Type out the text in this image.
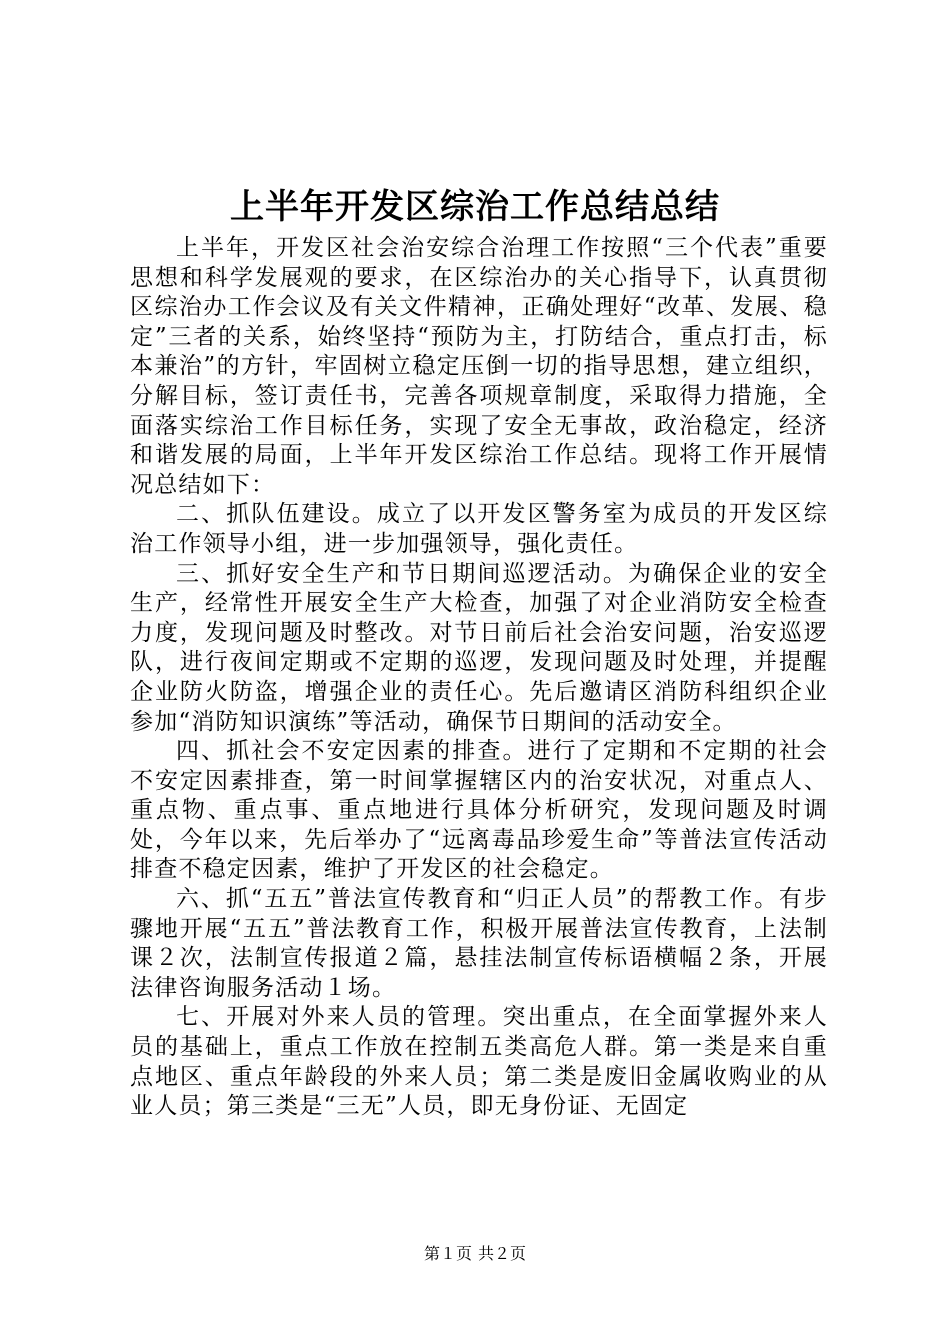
上半年开发区综治工作总结总结

上半年，开发区社会治安综合治理工作按照“三个代表”重要思想和科学发展观的要求，在区综治办的关心指导下，认真贯彻区综治办工作会议及有关文件精神，正确处理好“改革、发展、稳定”三者的关系，始终坚持“预防为主，打防结合，重点打击，标本兼治”的方针，牢固树立稳定压倒一切的指导思想，建立组织，分解目标，签订责任书，完善各项规章制度，采取得力措施，全面落实综治工作目标任务，实现了安全无事故，政治稳定，经济和谐发展的局面，上半年开发区综治工作总结。现将工作开展情况总结如下：

二、抓队伍建设。成立了以开发区警务室为成员的开发区综治工作领导小组，进一步加强领导，强化责任。

三、抓好安全生产和节日期间巡逻活动。为确保企业的安全生产，经常性开展安全生产大检查，加强了对企业消防安全检查力度，发现问题及时整改。对节日前后社会治安问题，治安巡逻队，进行夜间定期或不定期的巡逻，发现问题及时处理，并提醒企业防火防盗，增强企业的责任心。先后邀请区消防科组织企业参加“消防知识演练”等活动，确保节日期间的活动安全。

四、抓社会不安定因素的排查。进行了定期和不定期的社会不安定因素排查，第一时间掌握辖区内的治安状况，对重点人、重点物、重点事、重点地进行具体分析研究，发现问题及时调处，今年以来，先后举办了“远离毒品珍爱生命”等普法宣传活动排查不稳定因素，维护了开发区的社会稳定。

六、抓“五五”普法宣传教育和“归正人员”的帮教工作。有步骤地开展“五五”普法教育工作，积极开展普法宣传教育，上法制课２次，法制宣传报道２篇，悬挂法制宣传标语横幅２条，开展法律咨询服务活动１场。

七、开展对外来人员的管理。突出重点，在全面掌握外来人员的基础上，重点工作放在控制五类高危人群。第一类是来自重点地区、重点年龄段的外来人员；第二类是废旧金属收购业的从业人员；第三类是“三无”人员，即无身份证、无固定

第１页 共２页
